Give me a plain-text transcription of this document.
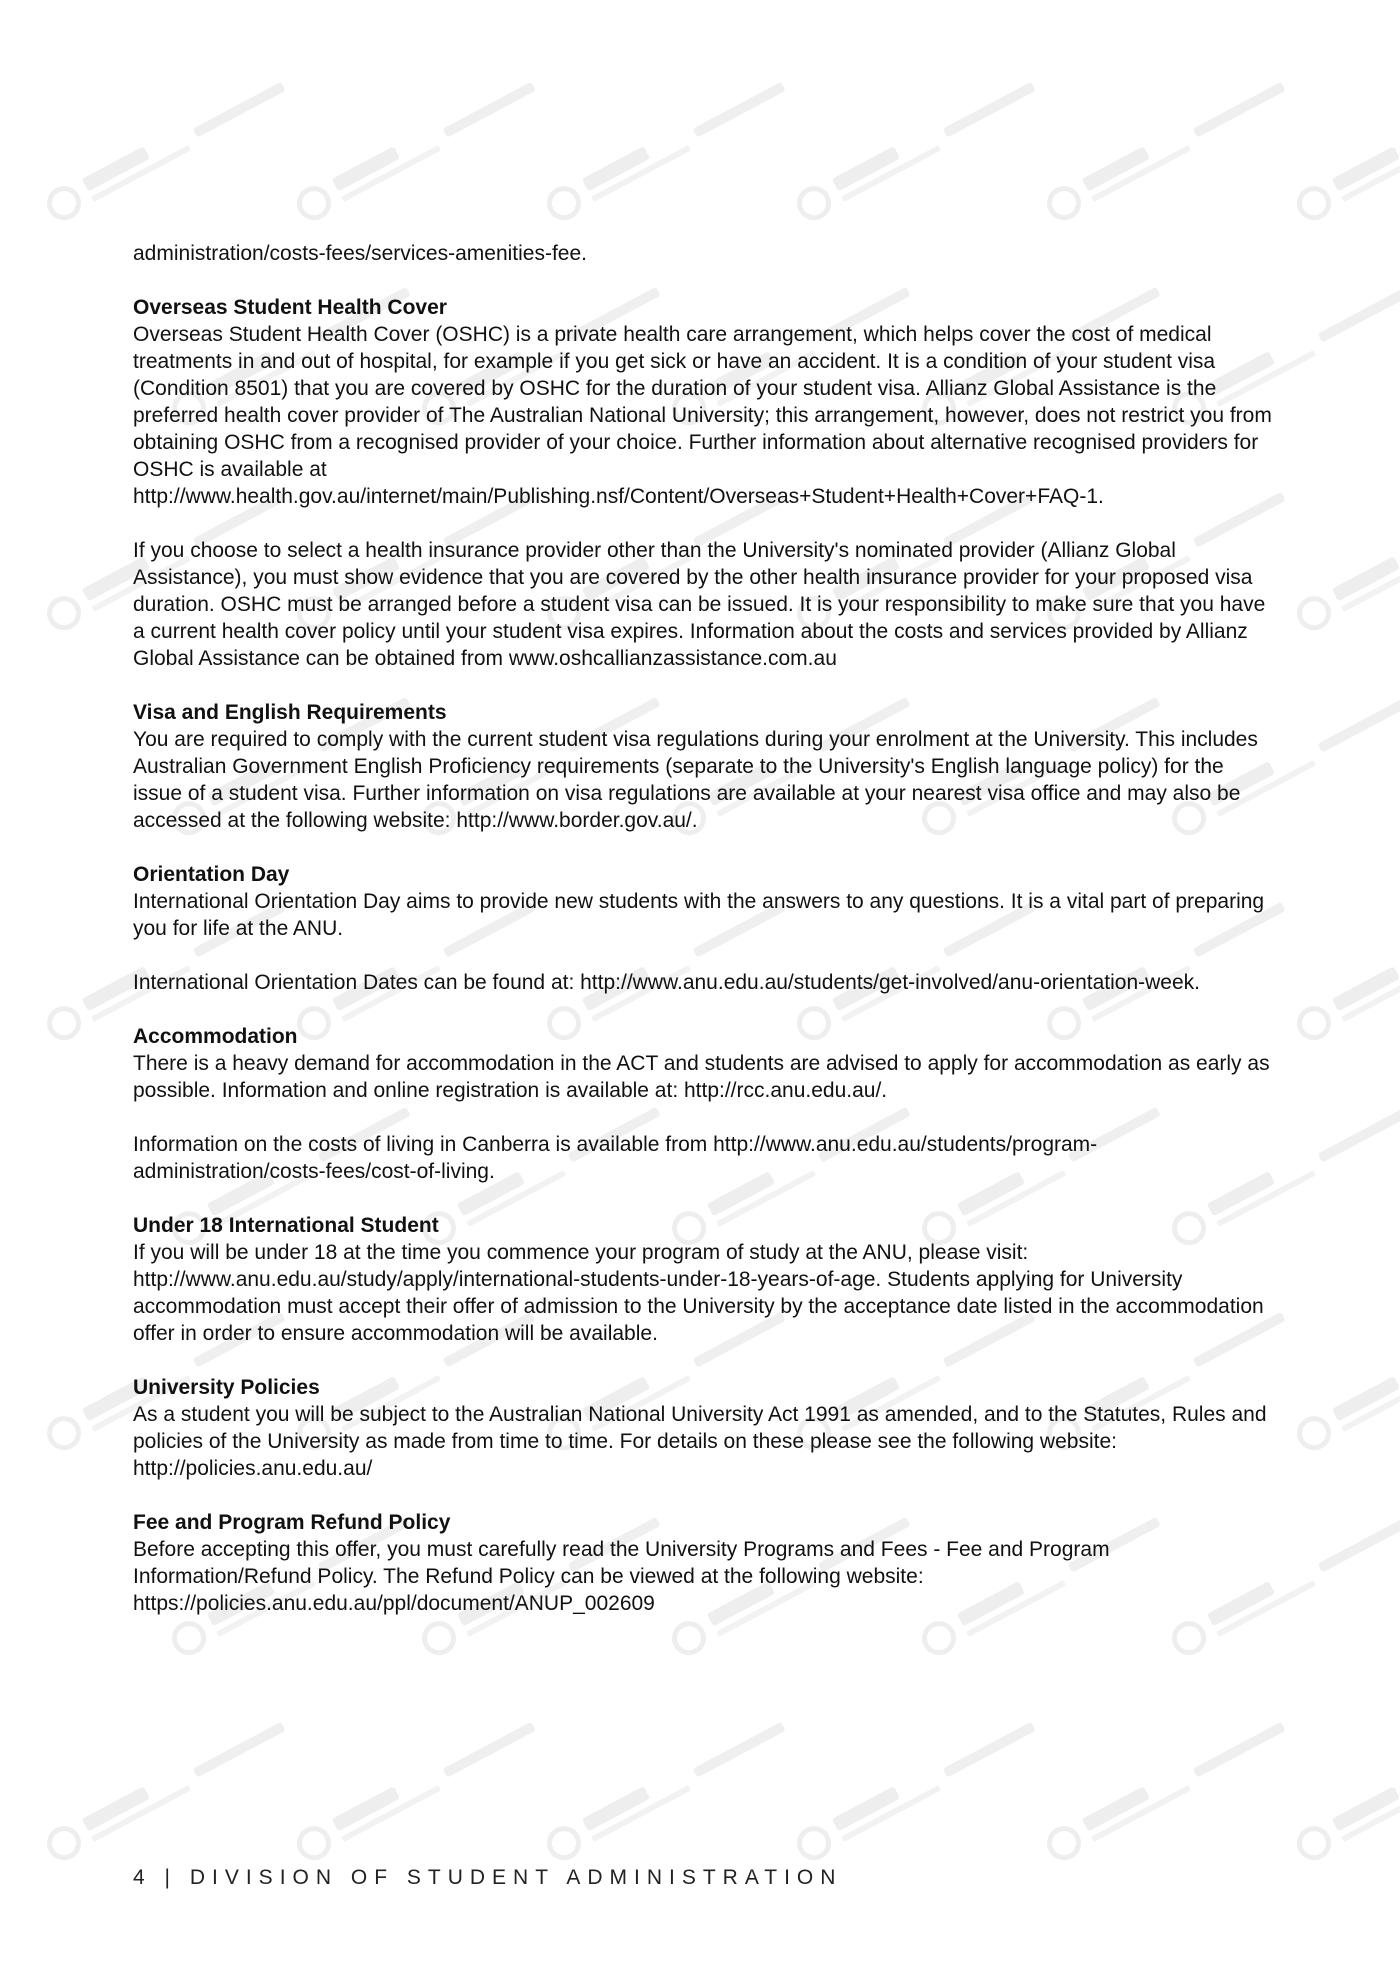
administration/costs-fees/services-amenities-fee.

Overseas Student Health Cover

Overseas Student Health Cover (OSHC) is a private health care arrangement, which helps cover the cost of medical treatments in and out of hospital, for example if you get sick or have an accident. It is a condition of your student visa (Condition 8501) that you are covered by OSHC for the duration of your student visa. Allianz Global Assistance is the preferred health cover provider of The Australian National University; this arrangement, however, does not restrict you from obtaining OSHC from a recognised provider of your choice. Further information about alternative recognised providers for OSHC is available at http://www.health.gov.au/internet/main/Publishing.nsf/Content/Overseas+Student+Health+Cover+FAQ-1.

If you choose to select a health insurance provider other than the University's nominated provider (Allianz Global Assistance), you must show evidence that you are covered by the other health insurance provider for your proposed visa duration. OSHC must be arranged before a student visa can be issued. It is your responsibility to make sure that you have a current health cover policy until your student visa expires. Information about the costs and services provided by Allianz Global Assistance can be obtained from www.oshcallianzassistance.com.au

Visa and English Requirements

You are required to comply with the current student visa regulations during your enrolment at the University. This includes Australian Government English Proficiency requirements (separate to the University's English language policy) for the issue of a student visa. Further information on visa regulations are available at your nearest visa office and may also be accessed at the following website: http://www.border.gov.au/.

Orientation Day

International Orientation Day aims to provide new students with the answers to any questions. It is a vital part of preparing you for life at the ANU.

International Orientation Dates can be found at: http://www.anu.edu.au/students/get-involved/anu-orientation-week.

Accommodation

There is a heavy demand for accommodation in the ACT and students are advised to apply for accommodation as early as possible. Information and online registration is available at: http://rcc.anu.edu.au/.

Information on the costs of living in Canberra is available from http://www.anu.edu.au/students/program-administration/costs-fees/cost-of-living.

Under 18 International Student

If you will be under 18 at the time you commence your program of study at the ANU, please visit: http://www.anu.edu.au/study/apply/international-students-under-18-years-of-age. Students applying for University accommodation must accept their offer of admission to the University by the acceptance date listed in the accommodation offer in order to ensure accommodation will be available.

University Policies

As a student you will be subject to the Australian National University Act 1991 as amended, and to the Statutes, Rules and policies of the University as made from time to time. For details on these please see the following website: http://policies.anu.edu.au/

Fee and Program Refund Policy

Before accepting this offer, you must carefully read the University Programs and Fees - Fee and Program Information/Refund Policy. The Refund Policy can be viewed at the following website: https://policies.anu.edu.au/ppl/document/ANUP_002609

4 | DIVISION OF STUDENT ADMINISTRATION
